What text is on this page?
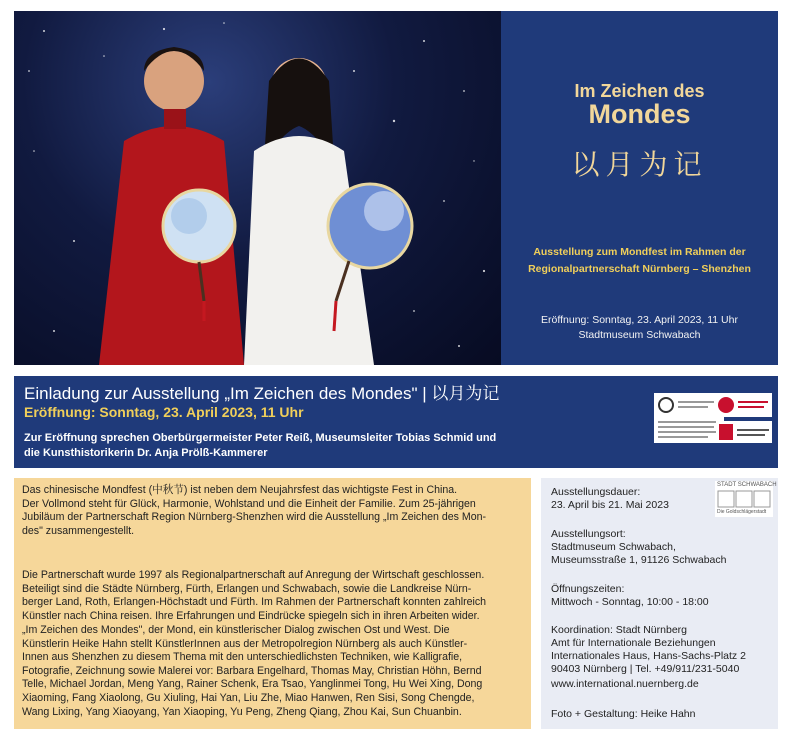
Im Zeichen des
Mondes
以月为记
Ausstellung zum Mondfest im Rahmen der
Regionalpartnerschaft Nürnberg – Shenzhen
Eröffnung: Sonntag, 23. April 2023, 11 Uhr
Stadtmuseum Schwabach
Einladung zur Ausstellung „Im Zeichen des Mondes" | 以月为记
Eröffnung: Sonntag, 23. April 2023, 11 Uhr
Zur Eröffnung sprechen Oberbürgermeister Peter Reiß, Museumsleiter Tobias Schmid und
die Kunsthistorikerin Dr. Anja Prölß-Kammerer

Das chinesische Mondfest (中秋节) ist neben dem Neujahrsfest das wichtigste Fest in China.
Der Vollmond steht für Glück, Harmonie, Wohlstand und die Einheit der Familie. Zum 25-jährigen
Jubiläum der Partnerschaft Region Nürnberg-Shenzhen wird die Ausstellung „Im Zeichen des Mon-
des" zusammengestellt.

Die Partnerschaft wurde 1997 als Regionalpartnerschaft auf Anregung der Wirtschaft geschlossen.
Beteiligt sind die Städte Nürnberg, Fürth, Erlangen und Schwabach, sowie die Landkreise Nürn-
berger Land, Roth, Erlangen-Höchstadt und Fürth. Im Rahmen der Partnerschaft konnten zahlreich
Künstler nach China reisen. Ihre Erfahrungen und Eindrücke spiegeln sich in ihren Arbeiten wider.

„Im Zeichen des Mondes", der Mond, ein künstlerischer Dialog zwischen Ost und West. Die
Künstlerin Heike Hahn stellt KünstlerInnen aus der Metropolregion Nürnberg als auch Künstler-
Innen aus Shenzhen zu diesem Thema mit den unterschiedlichsten Techniken, wie Kalligrafie,
Fotografie, Zeichnung sowie Malerei vor: Barbara Engelhard, Thomas May, Christian Höhn, Bernd
Telle, Michael Jordan, Meng Yang, Rainer Schenk, Era Tsao, Yanglinmei Tong, Hu Wei Xing, Dong
Xiaoming, Fang Xiaolong, Gu Xiuling, Hai Yan, Liu Zhe, Miao Hanwen, Ren Sisi, Song Chengde,
Wang Lixing, Yang Xiaoyang, Yan Xiaoping, Yu Peng, Zheng Qiang, Zhou Kai, Sun Chuanbin.

Ausstellungsdauer:
23. April bis 21. Mai 2023
Ausstellungsort:
Stadtmuseum Schwabach,
Museumsstraße 1, 91126 Schwabach
Öffnungszeiten:
Mittwoch - Sonntag, 10:00 - 18:00
Koordination: Stadt Nürnberg
Amt für Internationale Beziehungen
Internationales Haus, Hans-Sachs-Platz 2
90403 Nürnberg | Tel. +49/911/231-5040
www.international.nuernberg.de
Foto + Gestaltung: Heike Hahn
STADT SCHWABACH
Die Goldschlägerstadt
